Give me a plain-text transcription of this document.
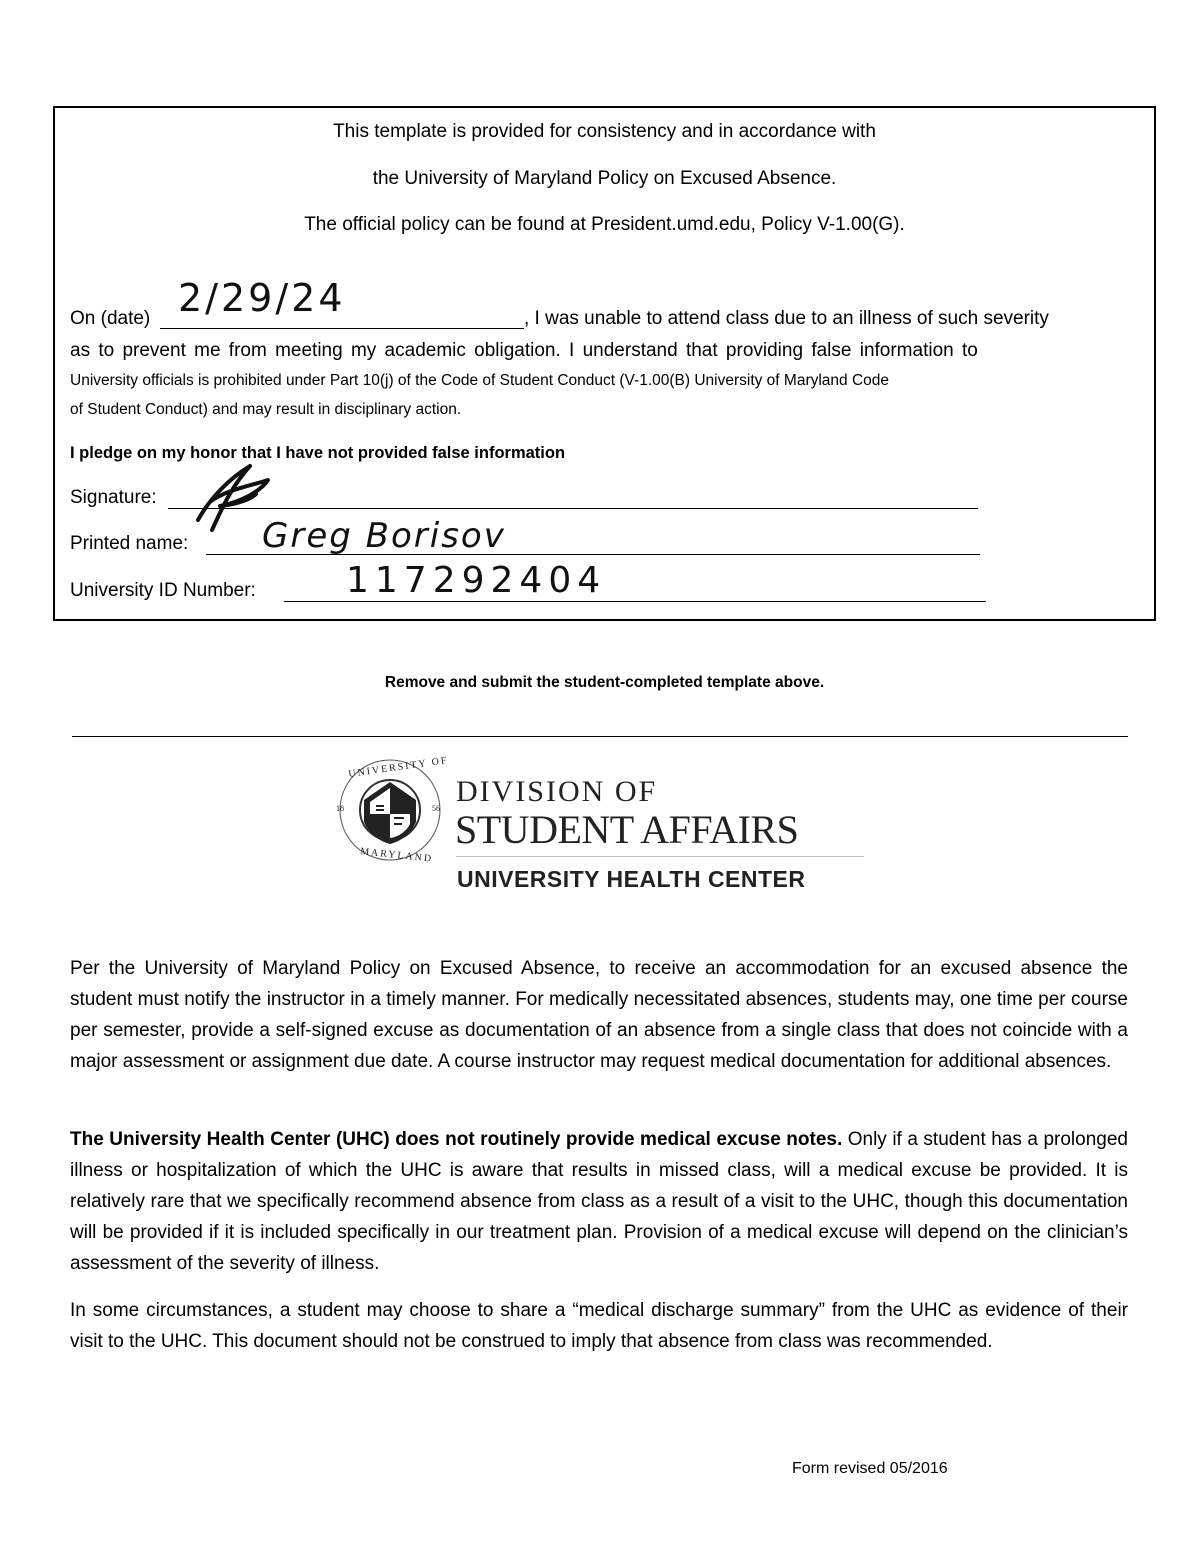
This template is provided for consistency and in accordance with
the University of Maryland Policy on Excused Absence.
The official policy can be found at President.umd.edu, Policy V-1.00(G).
On (date) 2/29/24	, I was unable to attend class due to an illness of such severity
as to prevent me from meeting my academic obligation. I understand that providing false information to
University officials is prohibited under Part 10(j) of the Code of Student Conduct (V-1.00(B) University of Maryland Code
of Student Conduct) and may result in disciplinary action.
I pledge on my honor that I have not provided false information
Signature:
Printed name: Greg Borisov
University ID Number:	117292404
Remove and submit the student-completed template above.
UNIVERSITY OF
MARYLAND
18	56
DIVISION OF
STUDENT AFFAIRS
UNIVERSITY HEALTH CENTER
Per the University of Maryland Policy on Excused Absence, to receive an accommodation for an excused absence the student must notify the instructor in a timely manner. For medically necessitated absences, students may, one time per course per semester, provide a self-signed excuse as documentation of an absence from a single class that does not coincide with a major assessment or assignment due date. A course instructor may request medical documentation for additional absences.
The University Health Center (UHC) does not routinely provide medical excuse notes. Only if a student has a prolonged illness or hospitalization of which the UHC is aware that results in missed class, will a medical excuse be provided. It is relatively rare that we specifically recommend absence from class as a result of a visit to the UHC, though this documentation will be provided if it is included specifically in our treatment plan. Provision of a medical excuse will depend on the clinician’s assessment of the severity of illness.
In some circumstances, a student may choose to share a “medical discharge summary” from the UHC as evidence of their visit to the UHC. This document should not be construed to imply that absence from class was recommended.
Form revised 05/2016
